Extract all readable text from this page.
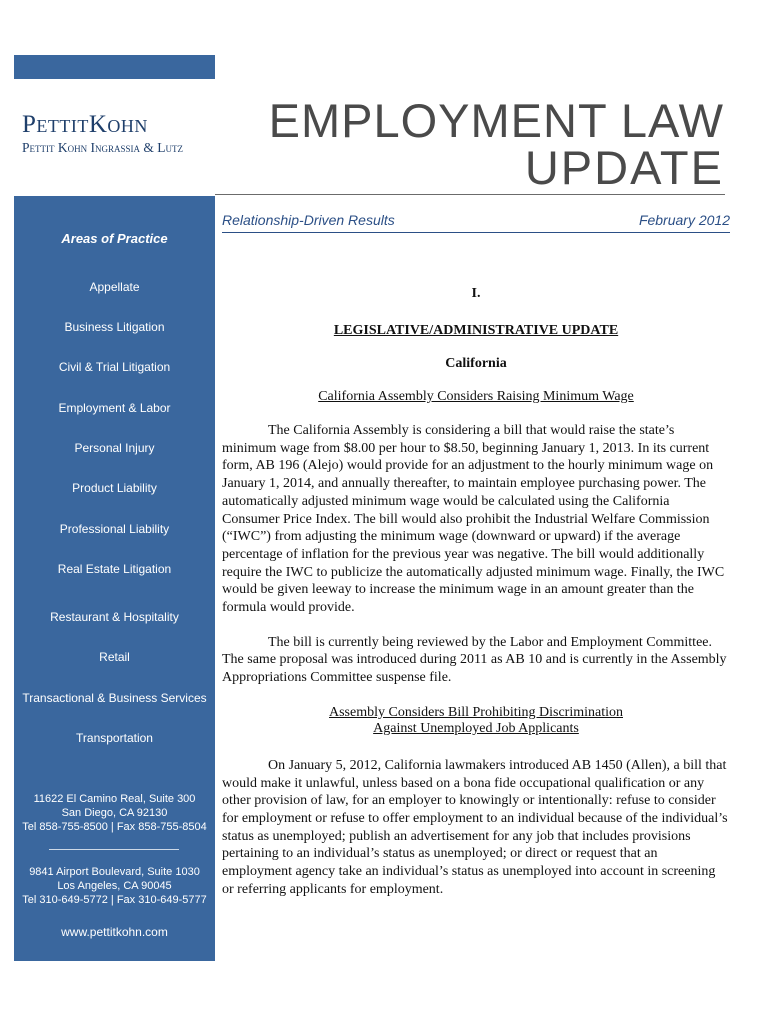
PettitKohn
Pettit Kohn Ingrassia & Lutz
EMPLOYMENT LAW
UPDATE
Areas of Practice
Appellate
Business Litigation
Civil & Trial Litigation
Employment & Labor
Personal Injury
Product Liability
Professional Liability
Real Estate Litigation
Restaurant & Hospitality
Retail
Transactional & Business Services
Transportation
11622 El Camino Real, Suite 300
San Diego, CA 92130
Tel 858-755-8500 | Fax 858-755-8504
9841 Airport Boulevard, Suite 1030
Los Angeles, CA 90045
Tel 310-649-5772 | Fax 310-649-5777
www.pettitkohn.com
Relationship-Driven Results	February 2012
I.
LEGISLATIVE/ADMINISTRATIVE UPDATE
California
California Assembly Considers Raising Minimum Wage

The California Assembly is considering a bill that would raise the state’s minimum wage from $8.00 per hour to $8.50, beginning January 1, 2013. In its current form, AB 196 (Alejo) would provide for an adjustment to the hourly minimum wage on January 1, 2014, and annually thereafter, to maintain employee purchasing power. The automatically adjusted minimum wage would be calculated using the California Consumer Price Index. The bill would also prohibit the Industrial Welfare Commission (“IWC”) from adjusting the minimum wage (downward or upward) if the average percentage of inflation for the previous year was negative. The bill would additionally require the IWC to publicize the automatically adjusted minimum wage. Finally, the IWC would be given leeway to increase the minimum wage in an amount greater than the formula would provide.

The bill is currently being reviewed by the Labor and Employment Committee. The same proposal was introduced during 2011 as AB 10 and is currently in the Assembly Appropriations Committee suspense file.

Assembly Considers Bill Prohibiting Discrimination
Against Unemployed Job Applicants

On January 5, 2012, California lawmakers introduced AB 1450 (Allen), a bill that would make it unlawful, unless based on a bona fide occupational qualification or any other provision of law, for an employer to knowingly or intentionally: refuse to consider for employment or refuse to offer employment to an individual because of the individual’s status as unemployed; publish an advertisement for any job that includes provisions pertaining to an individual’s status as unemployed; or direct or request that an employment agency take an individual’s status as unemployed into account in screening or referring applicants for employment.
